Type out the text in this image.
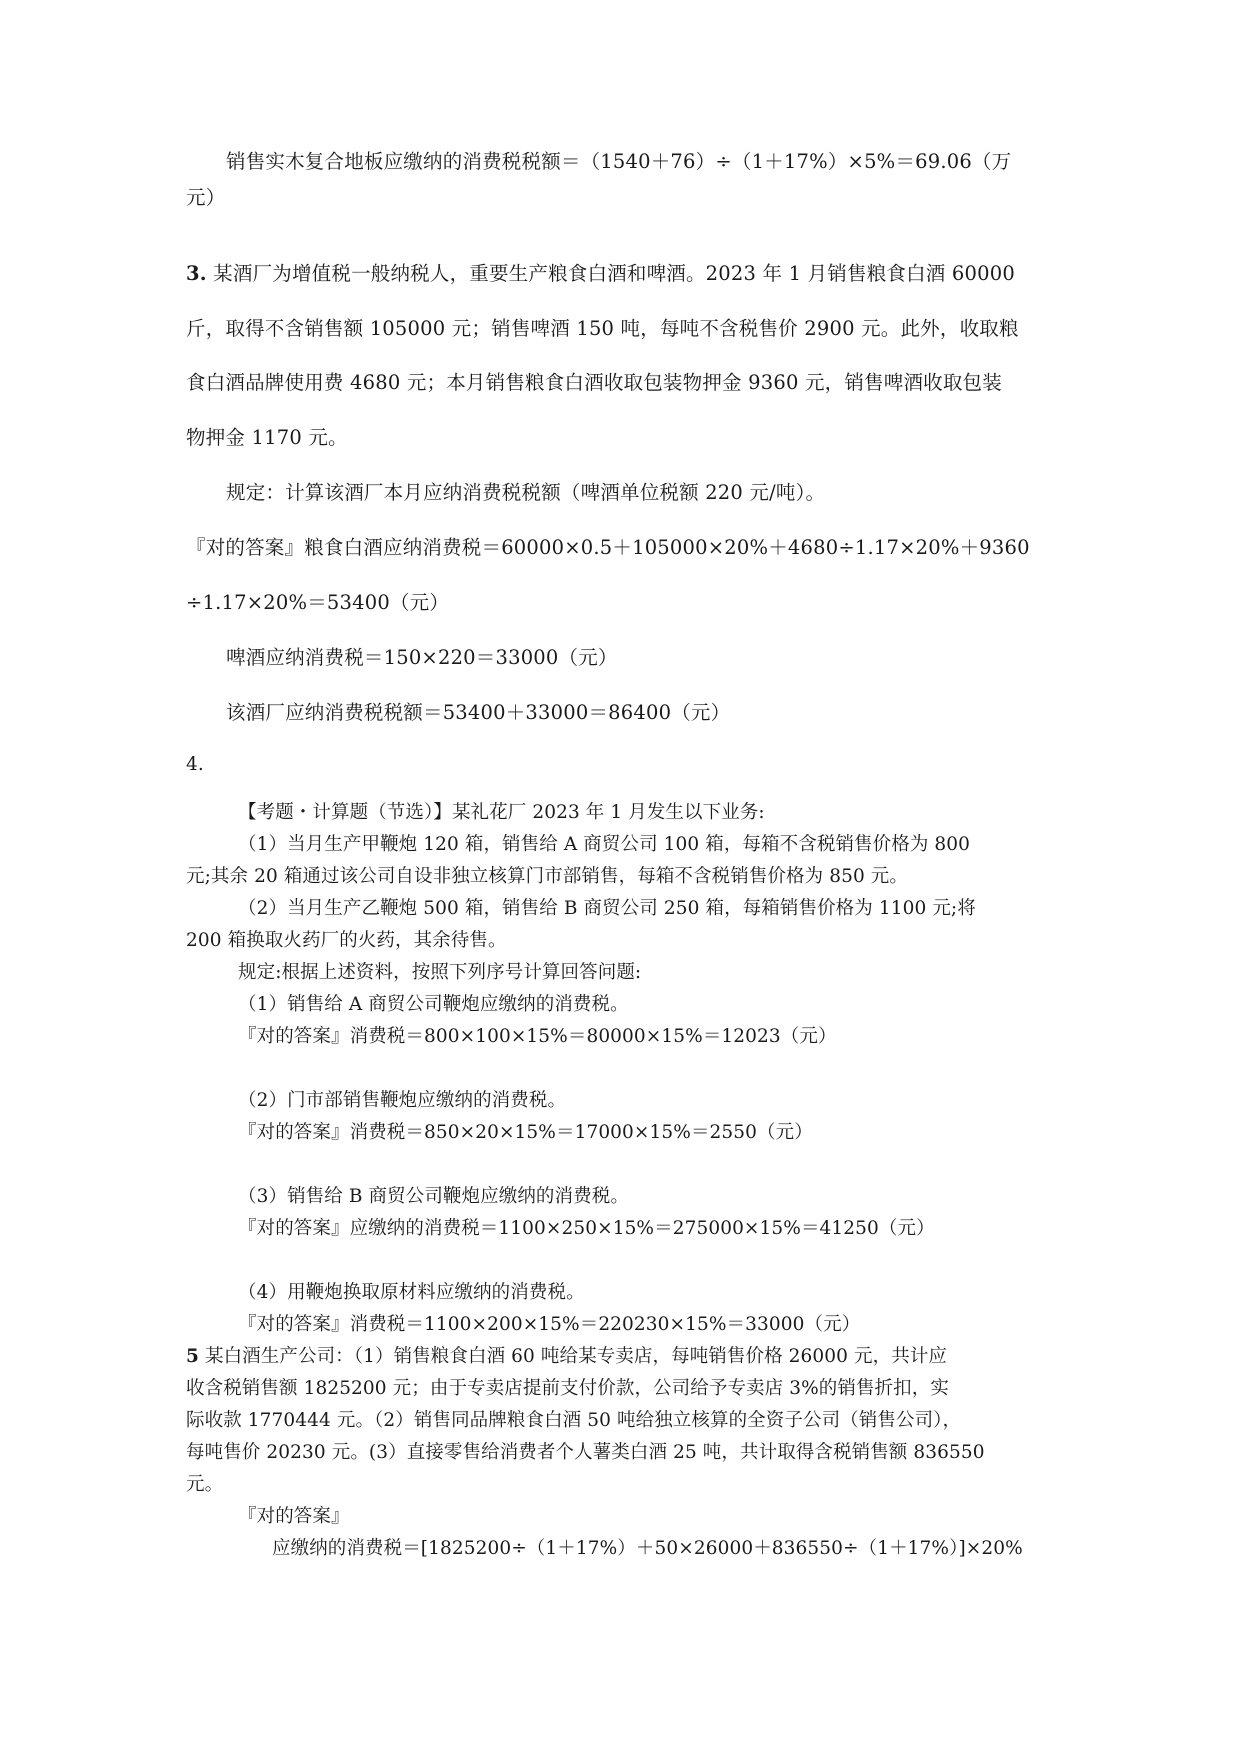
销售实木复合地板应缴纳的消费税税额＝（1540＋76）÷（1＋17%）×5%＝69.06（万
元）
3. 某酒厂为增值税一般纳税人，重要生产粮食白酒和啤酒。2023 年 1 月销售粮食白酒 60000
斤，取得不含销售额 105000 元；销售啤酒 150 吨，每吨不含税售价 2900 元。此外，收取粮
食白酒品牌使用费 4680 元；本月销售粮食白酒收取包装物押金 9360 元，销售啤酒收取包装
物押金 1170 元。
规定：计算该酒厂本月应纳消费税税额（啤酒单位税额 220 元/吨）。
『对的答案』粮食白酒应纳消费税＝60000×0.5＋105000×20%＋4680÷1.17×20%＋9360
÷1.17×20%＝53400（元）
啤酒应纳消费税＝150×220＝33000（元）
该酒厂应纳消费税税额＝53400＋33000＝86400（元）
4.
【考题・计算题（节选）】某礼花厂 2023 年 1 月发生以下业务:
（1）当月生产甲鞭炮 120 箱，销售给 A 商贸公司 100 箱，每箱不含税销售价格为 800
元;其余 20 箱通过该公司自设非独立核算门市部销售，每箱不含税销售价格为 850 元。
（2）当月生产乙鞭炮 500 箱，销售给 B 商贸公司 250 箱，每箱销售价格为 1100 元;将
200 箱换取火药厂的火药，其余待售。
规定:根据上述资料，按照下列序号计算回答问题:
（1）销售给 A 商贸公司鞭炮应缴纳的消费税。
『对的答案』消费税＝800×100×15%＝80000×15%＝12023（元）
（2）门市部销售鞭炮应缴纳的消费税。
『对的答案』消费税＝850×20×15%＝17000×15%＝2550（元）
（3）销售给 B 商贸公司鞭炮应缴纳的消费税。
『对的答案』应缴纳的消费税＝1100×250×15%＝275000×15%＝41250（元）
（4）用鞭炮换取原材料应缴纳的消费税。
『对的答案』消费税＝1100×200×15%＝220230×15%＝33000（元）
5 某白酒生产公司：（1）销售粮食白酒 60 吨给某专卖店，每吨销售价格 26000 元，共计应
收含税销售额 1825200 元；由于专卖店提前支付价款，公司给予专卖店 3%的销售折扣，实
际收款 1770444 元。（2）销售同品牌粮食白酒 50 吨给独立核算的全资子公司（销售公司），
每吨售价 20230 元。(3）直接零售给消费者个人薯类白酒 25 吨，共计取得含税销售额 836550
元。
『对的答案』
应缴纳的消费税＝[1825200÷（1＋17%）＋50×26000＋836550÷（1＋17%）]×20%
